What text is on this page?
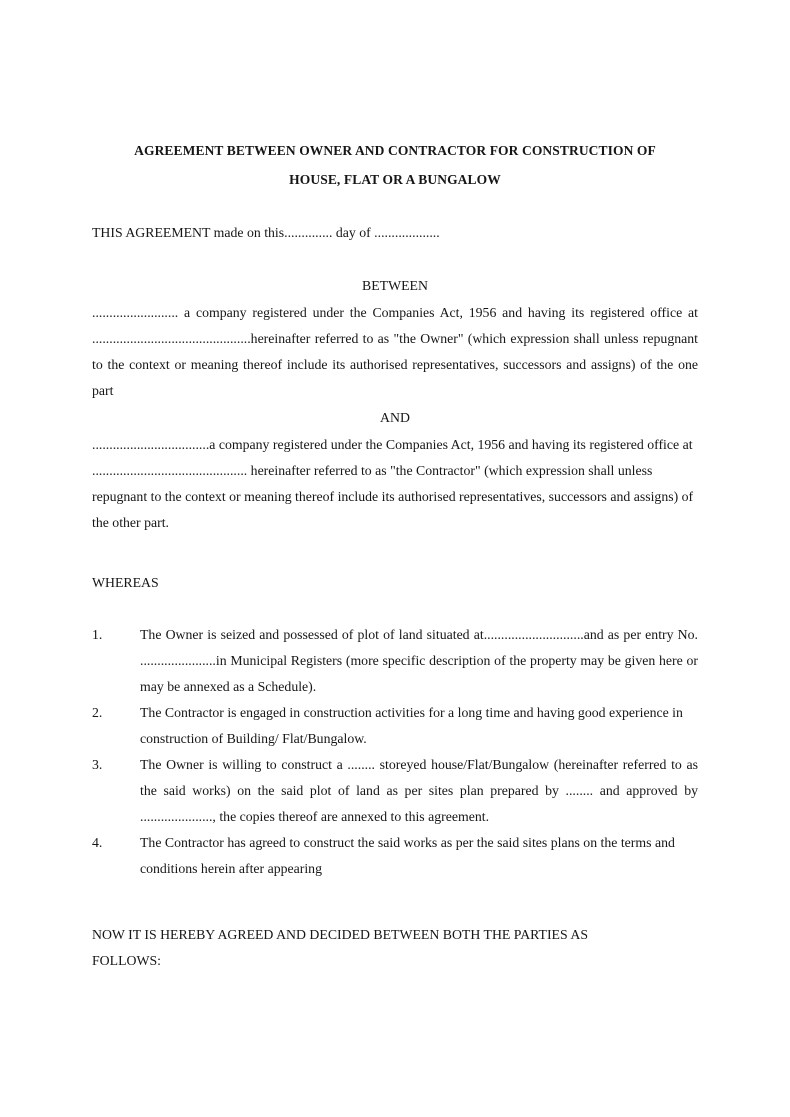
AGREEMENT BETWEEN OWNER AND CONTRACTOR FOR CONSTRUCTION OF
HOUSE, FLAT OR A BUNGALOW

THIS AGREEMENT made on this.............. day of ...................

BETWEEN

......................... a company registered under the Companies Act, 1956 and having its registered office at ..............................................hereinafter referred to as "the Owner" (which expression shall unless repugnant to the context or meaning thereof include its authorised representatives, successors and assigns) of the one part

AND

..................................a company registered under the Companies Act, 1956 and having its registered office at ............................................. hereinafter referred to as "the Contractor" (which expression shall unless repugnant to the context or meaning thereof include its authorised representatives, successors and assigns) of the other part.

WHEREAS

1.	The Owner is seized and possessed of plot of land situated at.............................and as per entry No. ......................in Municipal Registers (more specific description of the property may be given here or may be annexed as a Schedule).
2.	The Contractor is engaged in construction activities for a long time and having good experience in construction of Building/ Flat/Bungalow.
3.	The Owner is willing to construct a ........ storeyed house/Flat/Bungalow (hereinafter referred to as the said works) on the said plot of land as per sites plan prepared by ........ and approved by ....................., the copies thereof are annexed to this agreement.
4.	The Contractor has agreed to construct the said works as per the said sites plans on the terms and conditions herein after appearing
NOW IT IS HEREBY AGREED AND DECIDED BETWEEN BOTH THE PARTIES AS
FOLLOWS:
